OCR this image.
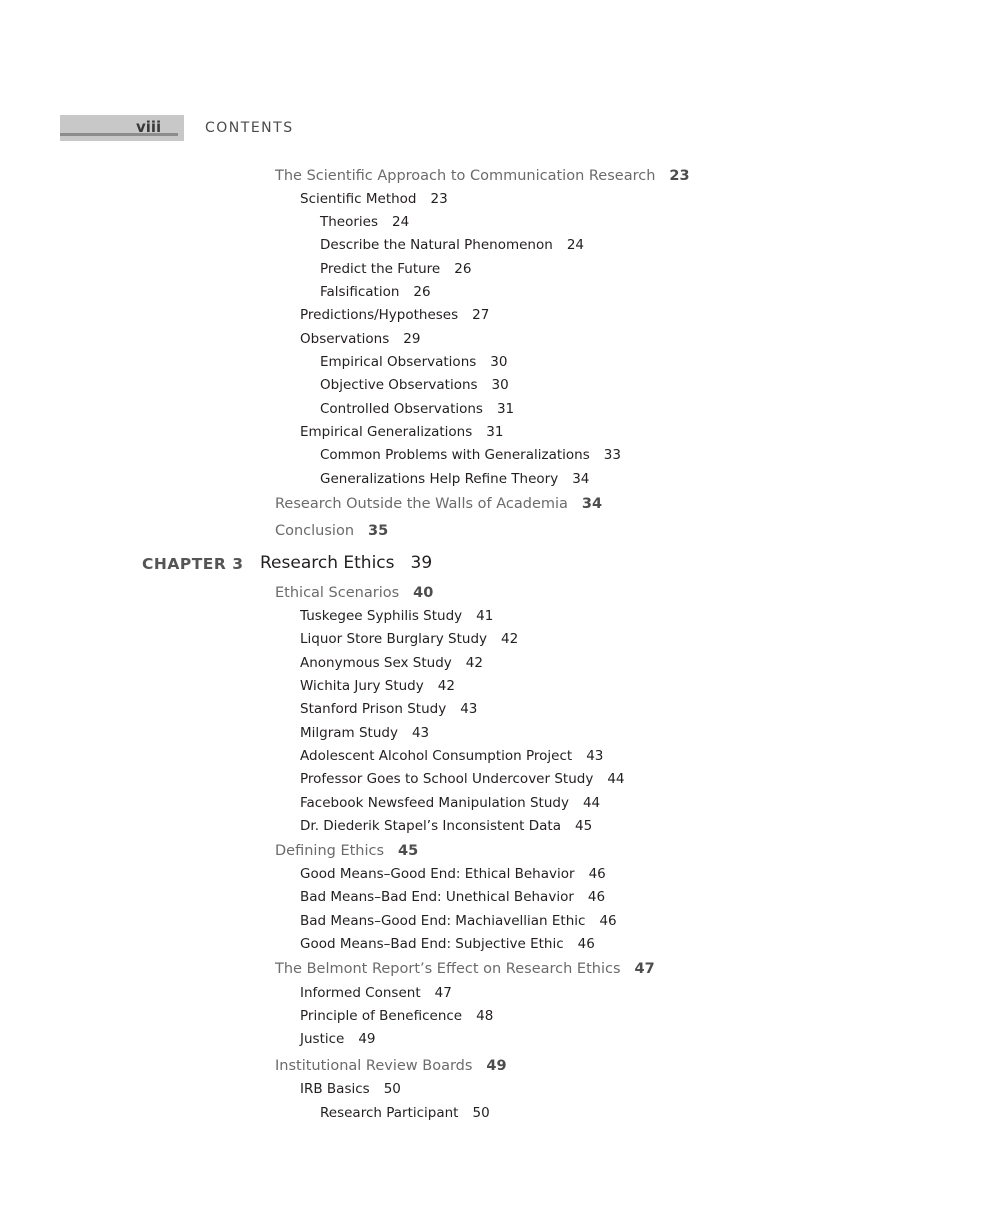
viii	CONTENTS
The Scientific Approach to Communication Research 23
Scientific Method 23
Theories 24
Describe the Natural Phenomenon 24
Predict the Future 26
Falsification 26
Predictions/Hypotheses 27
Observations 29
Empirical Observations 30
Objective Observations 30
Controlled Observations 31
Empirical Generalizations 31
Common Problems with Generalizations 33
Generalizations Help Refine Theory 34
Research Outside the Walls of Academia 34
Conclusion 35
CHAPTER 3 Research Ethics 39
Ethical Scenarios 40
Tuskegee Syphilis Study 41
Liquor Store Burglary Study 42
Anonymous Sex Study 42
Wichita Jury Study 42
Stanford Prison Study 43
Milgram Study 43
Adolescent Alcohol Consumption Project 43
Professor Goes to School Undercover Study 44
Facebook Newsfeed Manipulation Study 44
Dr. Diederik Stapel’s Inconsistent Data 45
Defining Ethics 45
Good Means–Good End: Ethical Behavior 46
Bad Means–Bad End: Unethical Behavior 46
Bad Means–Good End: Machiavellian Ethic 46
Good Means–Bad End: Subjective Ethic 46
The Belmont Report’s Effect on Research Ethics 47
Informed Consent 47
Principle of Beneficence 48
Justice 49
Institutional Review Boards 49
IRB Basics 50
Research Participant 50
